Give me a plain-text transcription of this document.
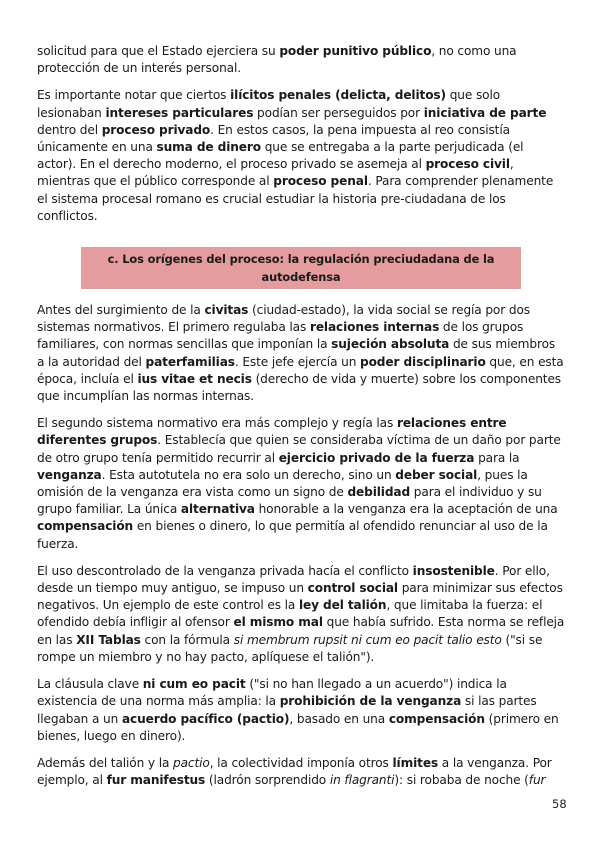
solicitud para que el Estado ejerciera su poder punitivo público, no como una protección de un interés personal.

Es importante notar que ciertos ilícitos penales (delicta, delitos) que solo lesionaban intereses particulares podían ser perseguidos por iniciativa de parte dentro del proceso privado. En estos casos, la pena impuesta al reo consistía únicamente en una suma de dinero que se entregaba a la parte perjudicada (el actor). En el derecho moderno, el proceso privado se asemeja al proceso civil, mientras que el público corresponde al proceso penal. Para comprender plenamente el sistema procesal romano es crucial estudiar la historia pre-ciudadana de los conflictos.

c. Los orígenes del proceso: la regulación preciudadana de la autodefensa

Antes del surgimiento de la civitas (ciudad-estado), la vida social se regía por dos sistemas normativos. El primero regulaba las relaciones internas de los grupos familiares, con normas sencillas que imponían la sujeción absoluta de sus miembros a la autoridad del paterfamilias. Este jefe ejercía un poder disciplinario que, en esta época, incluía el ius vitae et necis (derecho de vida y muerte) sobre los componentes que incumplían las normas internas.

El segundo sistema normativo era más complejo y regía las relaciones entre diferentes grupos. Establecía que quien se consideraba víctima de un daño por parte de otro grupo tenía permitido recurrir al ejercicio privado de la fuerza para la venganza. Esta autotutela no era solo un derecho, sino un deber social, pues la omisión de la venganza era vista como un signo de debilidad para el individuo y su grupo familiar. La única alternativa honorable a la venganza era la aceptación de una compensación en bienes o dinero, lo que permitía al ofendido renunciar al uso de la fuerza.

El uso descontrolado de la venganza privada hacía el conflicto insostenible. Por ello, desde un tiempo muy antiguo, se impuso un control social para minimizar sus efectos negativos. Un ejemplo de este control es la ley del talión, que limitaba la fuerza: el ofendido debía infligir al ofensor el mismo mal que había sufrido. Esta norma se refleja en las XII Tablas con la fórmula si membrum rupsit ni cum eo pacit talio esto ("si se rompe un miembro y no hay pacto, aplíquese el talión").

La cláusula clave ni cum eo pacit ("si no han llegado a un acuerdo") indica la existencia de una norma más amplia: la prohibición de la venganza si las partes llegaban a un acuerdo pacífico (pactio), basado en una compensación (primero en bienes, luego en dinero).

Además del talión y la pactio, la colectividad imponía otros límites a la venganza. Por ejemplo, al fur manifestus (ladrón sorprendido in flagranti): si robaba de noche (fur

58
